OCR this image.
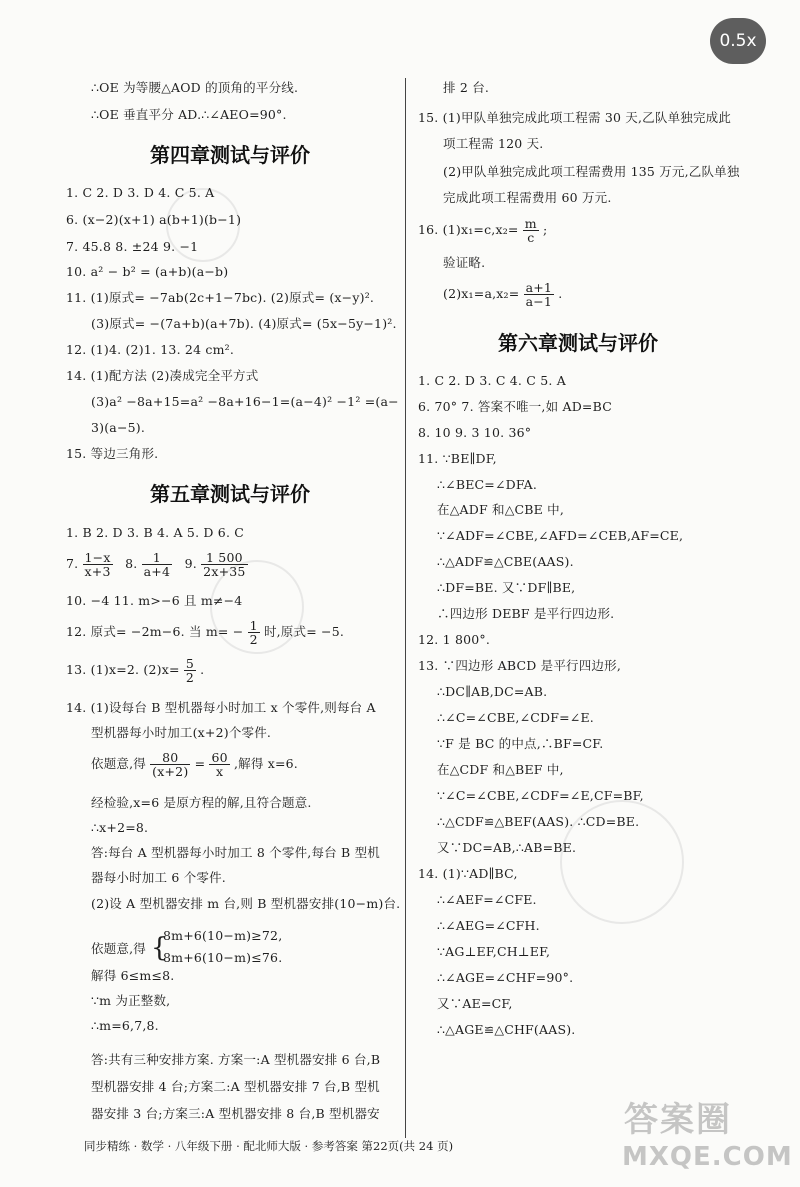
0.5x
∴OE 为等腰△AOD 的顶角的平分线.
∴OE 垂直平分 AD.∴∠AEO=90°.
第四章测试与评价
1. C 2. D 3. D 4. C 5. A
6. (x−2)(x+1) a(b+1)(b−1)
7. 45.8 8. ±24 9. −1
10. a² − b² = (a+b)(a−b)
11. (1)原式= −7ab(2c+1−7bc). (2)原式= (x−y)².
(3)原式= −(7a+b)(a+7b). (4)原式= (5x−5y−1)².
12. (1)4. (2)1. 13. 24 cm².
14. (1)配方法 (2)凑成完全平方式
(3)a² −8a+15=a² −8a+16−1=(a−4)² −1² =(a−
3)(a−5).
15. 等边三角形.
第五章测试与评价
1. B 2. D 3. B 4. A 5. D 6. C
7. $\frac{1-x}{x+3} 8$. $\frac{1}{a+4} 9$. $\frac{1 500}{2x+35}$
10. −4 11. m>−6 且 m≠−4
12. 原式= −2m−6. 当 $m= - \frac{1}{2}$ 时,原式= −5.
13. (1)x=2. $(2)x= \frac{5}{2}$ .
14. (1)设每台 B 型机器每小时加工 x 个零件,则每台 A
型机器每小时加工(x+2)个零件.
依题意,得 $\frac{80}{(x+2)} = \frac{60}{x}$ ,解得 x=6.
经检验,x=6 是原方程的解,且符合题意.
∴x+2=8.
答:每台 A 型机器每小时加工 8 个零件,每台 B 型机
器每小时加工 6 个零件.
(2)设 A 型机器安排 m 台,则 B 型机器安排(10−m)台.
依题意,得 {
8m+6(10−m)≥72,
8m+6(10−m)≤76.
解得 6≤m≤8.
∵m 为正整数,
∴m=6,7,8.
答:共有三种安排方案. 方案一:A 型机器安排 6 台,B
型机器安排 4 台;方案二:A 型机器安排 7 台,B 型机
器安排 3 台;方案三:A 型机器安排 8 台,B 型机器安
排 2 台.
15. (1)甲队单独完成此项工程需 30 天,乙队单独完成此
项工程需 120 天.
(2)甲队单独完成此项工程需费用 135 万元,乙队单独
完成此项工程需费用 60 万元.
16. $(1)x_1=c,x_2= \frac{m}{c}$ ;
验证略.
$(2)x_1=a,x_2= \frac{a+1}{a-1}$ .
第六章测试与评价
1. C 2. D 3. C 4. C 5. A
6. 70° 7. 答案不唯一,如 AD=BC
8. 10 9. 3 10. 36°
11. ∵BE∥DF,
∴∠BEC=∠DFA.
在△ADF 和△CBE 中,
∵∠ADF=∠CBE,∠AFD=∠CEB,AF=CE,
∴△ADF≌△CBE(AAS).
∴DF=BE. 又∵DF∥BE,
∴四边形 DEBF 是平行四边形.
12. 1 800°.
13. ∵四边形 ABCD 是平行四边形,
∴DC∥AB,DC=AB.
∴∠C=∠CBE,∠CDF=∠E.
∵F 是 BC 的中点,∴BF=CF.
在△CDF 和△BEF 中,
∵∠C=∠CBE,∠CDF=∠E,CF=BF,
∴△CDF≌△BEF(AAS). ∴CD=BE.
又∵DC=AB,∴AB=BE.
14. (1)∵AD∥BC,
∴∠AEF=∠CFE.
∴∠AEG=∠CFH.
∵AG⊥EF,CH⊥EF,
∴∠AGE=∠CHF=90°.
又∵AE=CF,
∴△AGE≌△CHF(AAS).
同步精练 · 数学 · 八年级下册 · 配北师大版 · 参考答案 第22页(共 24 页)
答案圈
MXQE.COM
